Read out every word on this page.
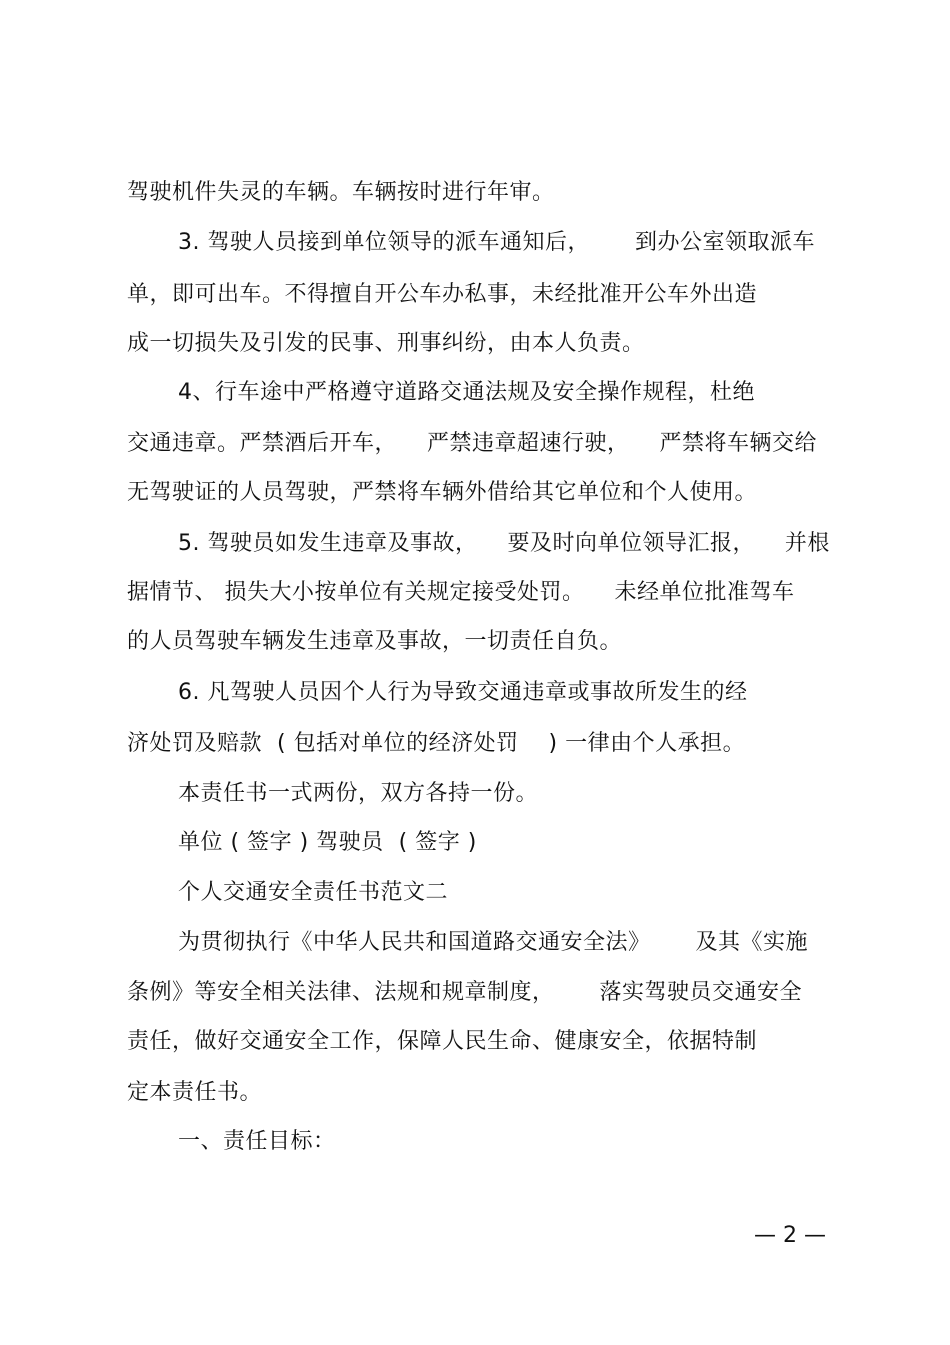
驾驶机件失灵的车辆。车辆按时进行年审。
3. 驾驶人员接到单位领导的派车通知后，      到办公室领取派车
单，即可出车。不得擅自开公车办私事，未经批准开公车外出造
成一切损失及引发的民事、刑事纠纷，由本人负责。
4、行车途中严格遵守道路交通法规及安全操作规程，杜绝
交通违章。严禁酒后开车，    严禁违章超速行驶，    严禁将车辆交给
无驾驶证的人员驾驶，严禁将车辆外借给其它单位和个人使用。
5. 驾驶员如发生违章及事故，    要及时向单位领导汇报，    并根
据情节、 损失大小按单位有关规定接受处罚。    未经单位批准驾车
的人员驾驶车辆发生违章及事故，一切责任自负。
6. 凡驾驶人员因个人行为导致交通违章或事故所发生的经
济处罚及赔款  ( 包括对单位的经济处罚    ) 一律由个人承担。
本责任书一式两份，双方各持一份。
单位 ( 签字 ) 驾驶员  ( 签字 )
个人交通安全责任书范文二
为贯彻执行《中华人民共和国道路交通安全法》      及其《实施
条例》等安全相关法律、法规和规章制度，      落实驾驶员交通安全
责任，做好交通安全工作，保障人民生命、健康安全，依据特制
定本责任书。
一、责任目标：
— 2 —
